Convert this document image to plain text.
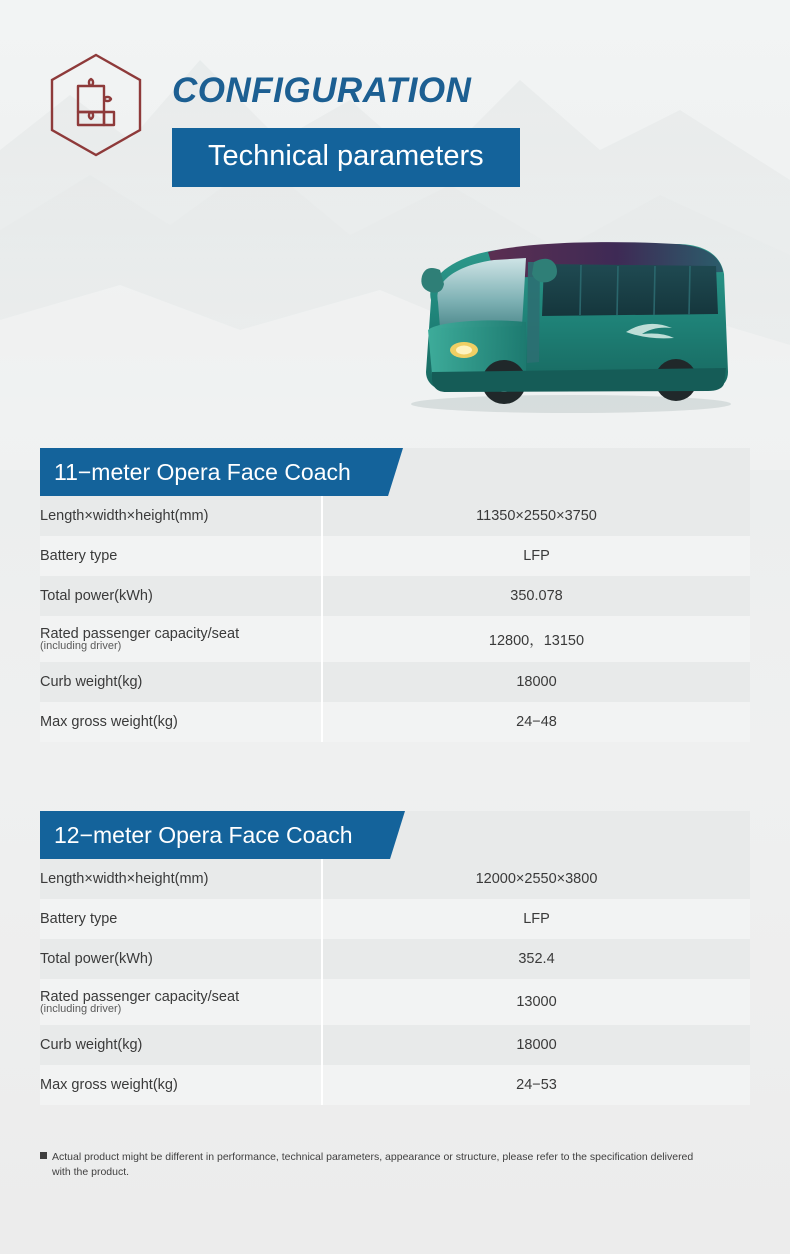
CONFIGURATION
Technical parameters
11−meter Opera Face Coach
Length×width×height(mm)	11350×2550×3750
Battery type	LFP
Total power(kWh)	350.078
Rated passenger capacity/seat
(including driver)	12800，13150
Curb weight(kg)	18000
Max gross weight(kg)	24−48
12−meter Opera Face Coach
Length×width×height(mm)	12000×2550×3800
Battery type	LFP
Total power(kWh)	352.4
Rated passenger capacity/seat
(including driver)	13000
Curb weight(kg)	18000
Max gross weight(kg)	24−53
Actual product might be different in performance, technical parameters, appearance or structure, please refer to the specification delivered
with the product.
